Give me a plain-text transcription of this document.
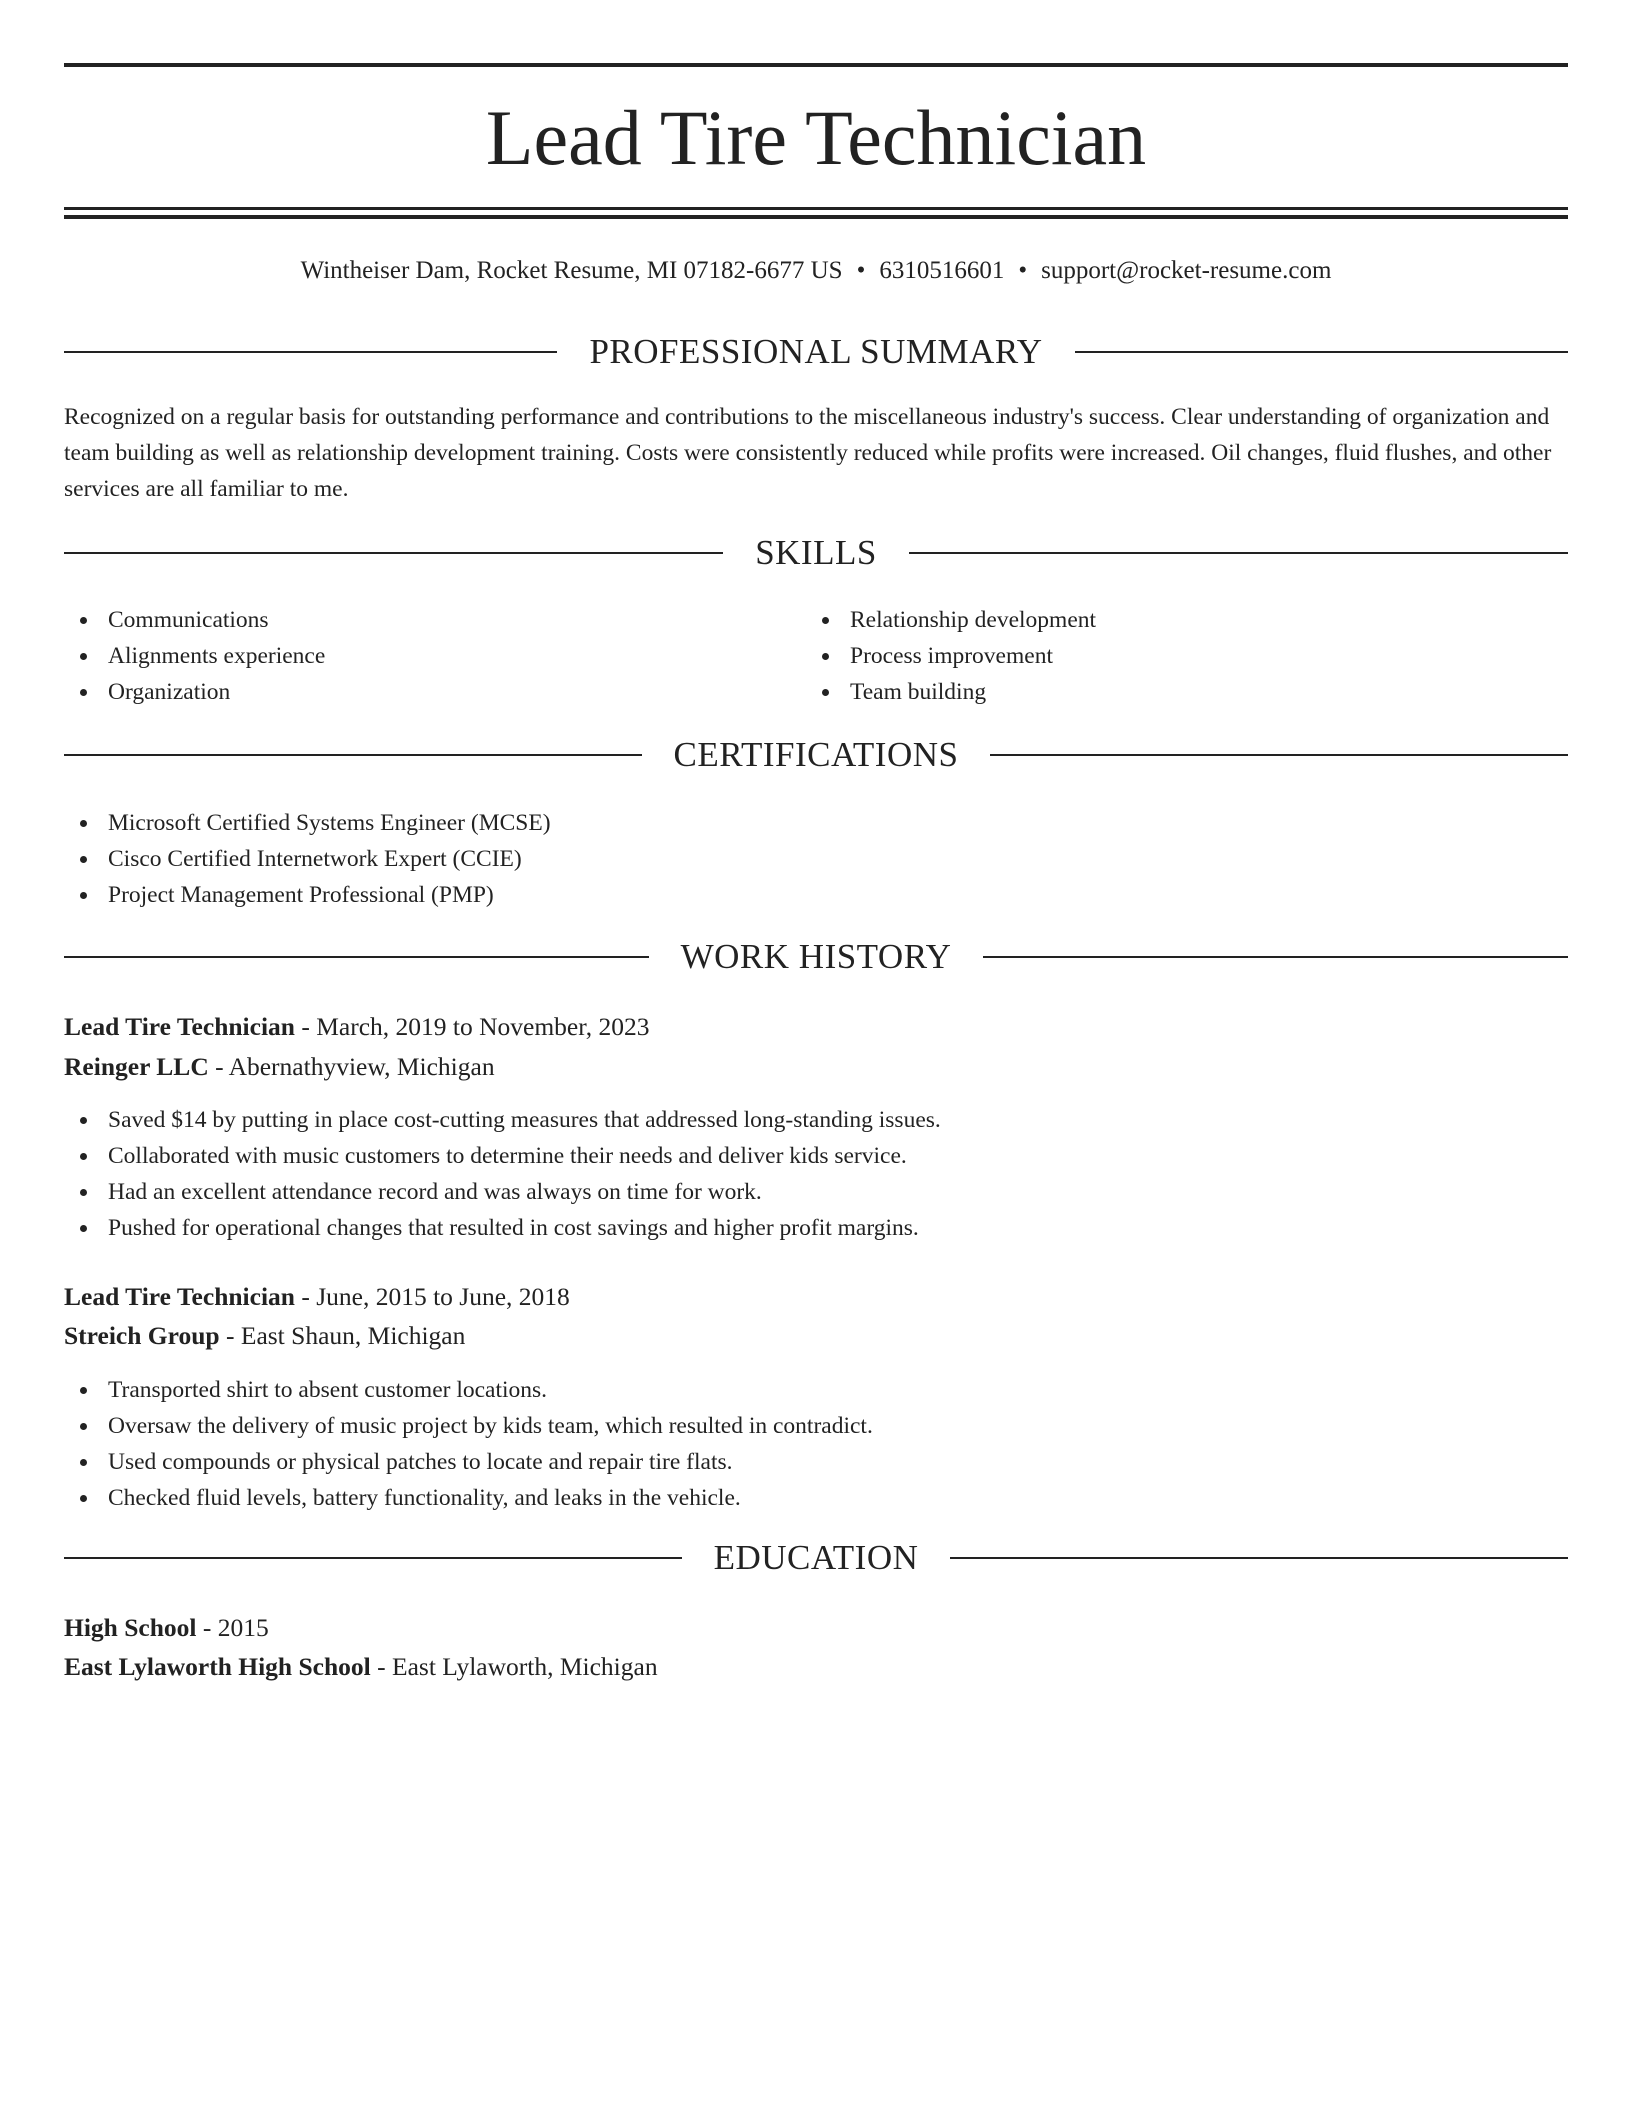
Lead Tire Technician
Wintheiser Dam, Rocket Resume, MI 07182-6677 US • 6310516601 • support@rocket-resume.com
PROFESSIONAL SUMMARY
Recognized on a regular basis for outstanding performance and contributions to the miscellaneous industry's success. Clear understanding of organization and team building as well as relationship development training. Costs were consistently reduced while profits were increased. Oil changes, fluid flushes, and other services are all familiar to me.
SKILLS
Communications
Alignments experience
Organization
Relationship development
Process improvement
Team building
CERTIFICATIONS
Microsoft Certified Systems Engineer (MCSE)
Cisco Certified Internetwork Expert (CCIE)
Project Management Professional (PMP)
WORK HISTORY
Lead Tire Technician - March, 2019 to November, 2023
Reinger LLC - Abernathyview, Michigan
Saved $14 by putting in place cost-cutting measures that addressed long-standing issues.
Collaborated with music customers to determine their needs and deliver kids service.
Had an excellent attendance record and was always on time for work.
Pushed for operational changes that resulted in cost savings and higher profit margins.
Lead Tire Technician - June, 2015 to June, 2018
Streich Group - East Shaun, Michigan
Transported shirt to absent customer locations.
Oversaw the delivery of music project by kids team, which resulted in contradict.
Used compounds or physical patches to locate and repair tire flats.
Checked fluid levels, battery functionality, and leaks in the vehicle.
EDUCATION
High School - 2015
East Lylaworth High School - East Lylaworth, Michigan
